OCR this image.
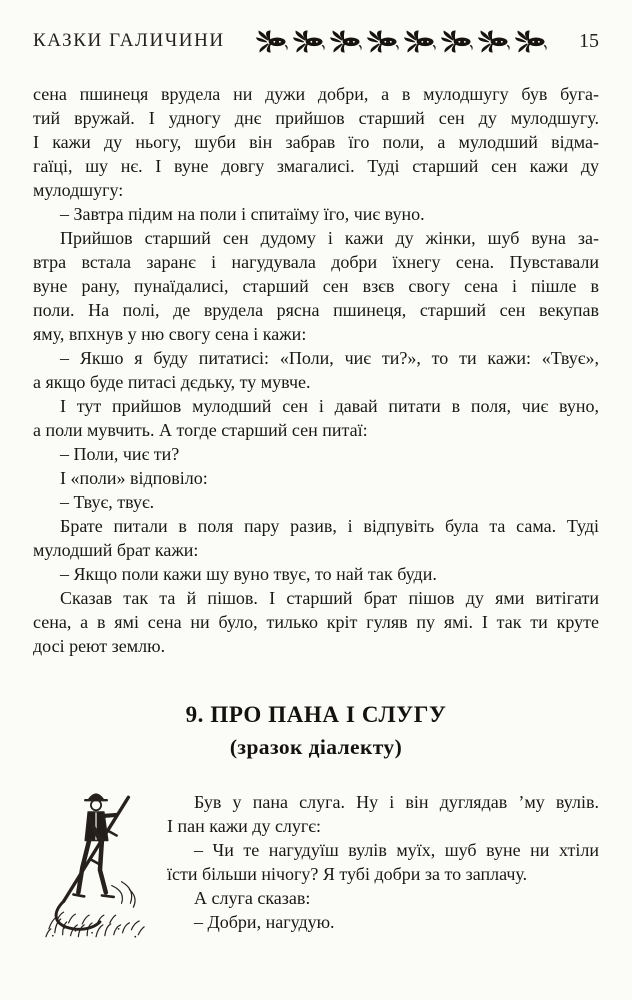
КАЗКИ ГАЛИЧИНИ	15
сена пшинеця врудела ни дужи добри, а в мулодшугу був буга-
тий вружай. І удногу днє прийшов старший сен ду мулодшугу.
І кажи ду ньогу, шуби він забрав їго поли, а мулодший відма-
гаїці, шу нє. І вуне довгу змагалисі. Туді старший сен кажи ду
мулодшугу:
– Завтра підим на поли і спитаїму їго, чиє вуно.
Прийшов старший сен дудому і кажи ду жінки, шуб вуна за-
втра встала заранє і нагудувала добри їхнегу сена. Пувставали
вуне рану, пунаїдалисі, старший сен взєв свогу сена і пішле в
поли. На полі, де врудела рясна пшинеця, старший сен векупав
яму, впхнув у ню свогу сена і кажи:
– Якшо я буду питатисі: «Поли, чиє ти?», то ти кажи: «Твує»,
а якщо буде питасі дєдьку, ту мувче.
І тут прийшов мулодший сен і давай питати в поля, чиє вуно,
а поли мувчить. А тогде старший сен питаї:
– Поли, чиє ти?
І «поли» відповіло:
– Твує, твує.
Брате питали в поля пару разив, і відпувіть була та сама. Туді
мулодший брат кажи:
– Якщо поли кажи шу вуно твує, то най так буди.
Сказав так та й пішов. І старший брат пішов ду ями витігати
сена, а в ямі сена ни було, тилько кріт гуляв пу ямі. І так ти круте
досі реют землю.
9. ПРО ПАНА І СЛУГУ
(зразок діалекту)
Був у пана слуга. Ну і він дуглядав ’му вулів.
І пан кажи ду слугє:
– Чи те нагудуїш вулів муїх, шуб вуне ни хтіли
їсти більши нічогу? Я тубі добри за то заплачу.
А слуга сказав:
– Добри, нагудую.
